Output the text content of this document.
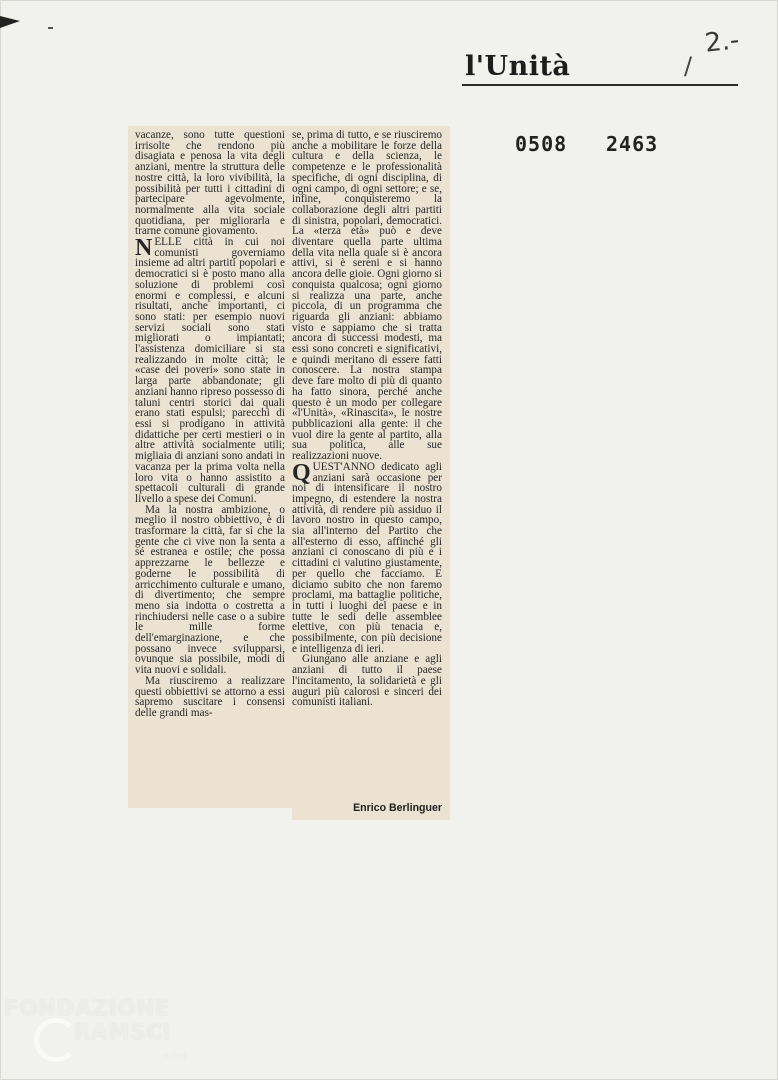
l'Unità	/
2.-
0508 2463

vacanze, sono tutte questioni irrisolte che rendono più disagiata e penosa la vita degli anziani, mentre la struttura delle nostre città, la loro vivibilità, la possibilità per tutti i cittadini di partecipare agevolmente, normalmente alla vita sociale quotidiana, per migliorarla e trarne comune giovamento.

NELLE città in cui noi comunisti governiamo insieme ad altri partiti popolari e democratici si è posto mano alla soluzione di problemi così enormi e complessi, e alcuni risultati, anche importanti, ci sono stati: per esempio nuovi servizi sociali sono stati migliorati o impiantati; l'assistenza domiciliare si sta realizzando in molte città; le «case dei poveri» sono state in larga parte abbandonate; gli anziani hanno ripreso possesso di taluni centri storici dai quali erano stati espulsi; parecchi di essi si prodigano in attività didattiche per certi mestieri o in altre attività socialmente utili; migliaia di anziani sono andati in vacanza per la prima volta nella loro vita o hanno assistito a spettacoli culturali di grande livello a spese dei Comuni.

Ma la nostra ambizione, o meglio il nostro obbiettivo, è di trasformare la città, far sì che la gente che ci vive non la senta a sé estranea e ostile; che possa apprezzarne le bellezze e goderne le possibilità di arricchimento culturale e umano, di divertimento; che sempre meno sia indotta o costretta a rinchiudersi nelle case o a subire le mille forme dell'emarginazione, e che possano invece svilupparsi, ovunque sia possibile, modi di vita nuovi e solidali.

Ma riusciremo a realizzare questi obbiettivi se attorno a essi sapremo suscitare i consensi delle grandi mas-

se, prima di tutto, e se riusciremo anche a mobilitare le forze della cultura e della scienza, le competenze e le professionalità specifiche, di ogni disciplina, di ogni campo, di ogni settore; e se, infine, conquisteremo la collaborazione degli altri partiti di sinistra, popolari, democratici. La «terza età» può e deve diventare quella parte ultima della vita nella quale si è ancora attivi, si è sereni e si hanno ancora delle gioie. Ogni giorno si conquista qualcosa; ogni giorno si realizza una parte, anche piccola, di un programma che riguarda gli anziani: abbiamo visto e sappiamo che si tratta ancora di successi modesti, ma essi sono concreti e significativi, e quindi meritano di essere fatti conoscere. La nostra stampa deve fare molto di più di quanto ha fatto sinora, perché anche questo è un modo per collegare «l'Unità», «Rinascita», le nostre pubblicazioni alla gente: il che vuol dire la gente al partito, alla sua politica, alle sue realizzazioni nuove.

QUEST'ANNO dedicato agli anziani sarà occasione per noi di intensificare il nostro impegno, di estendere la nostra attività, di rendere più assiduo il lavoro nostro in questo campo, sia all'interno del Partito che all'esterno di esso, affinché gli anziani ci conoscano di più e i cittadini ci valutino giustamente, per quello che facciamo. E diciamo subito che non faremo proclami, ma battaglie politiche, in tutti i luoghi del paese e in tutte le sedi delle assemblee elettive, con più tenacia e, possibilmente, con più decisione e intelligenza di ieri.

Giungano alle anziane e agli anziani di tutto il paese l'incitamento, la solidarietà e gli auguri più calorosi e sinceri dei comunisti italiani.

Enrico Berlinguer
FONDAZIONE
RAMSCI
onlus
